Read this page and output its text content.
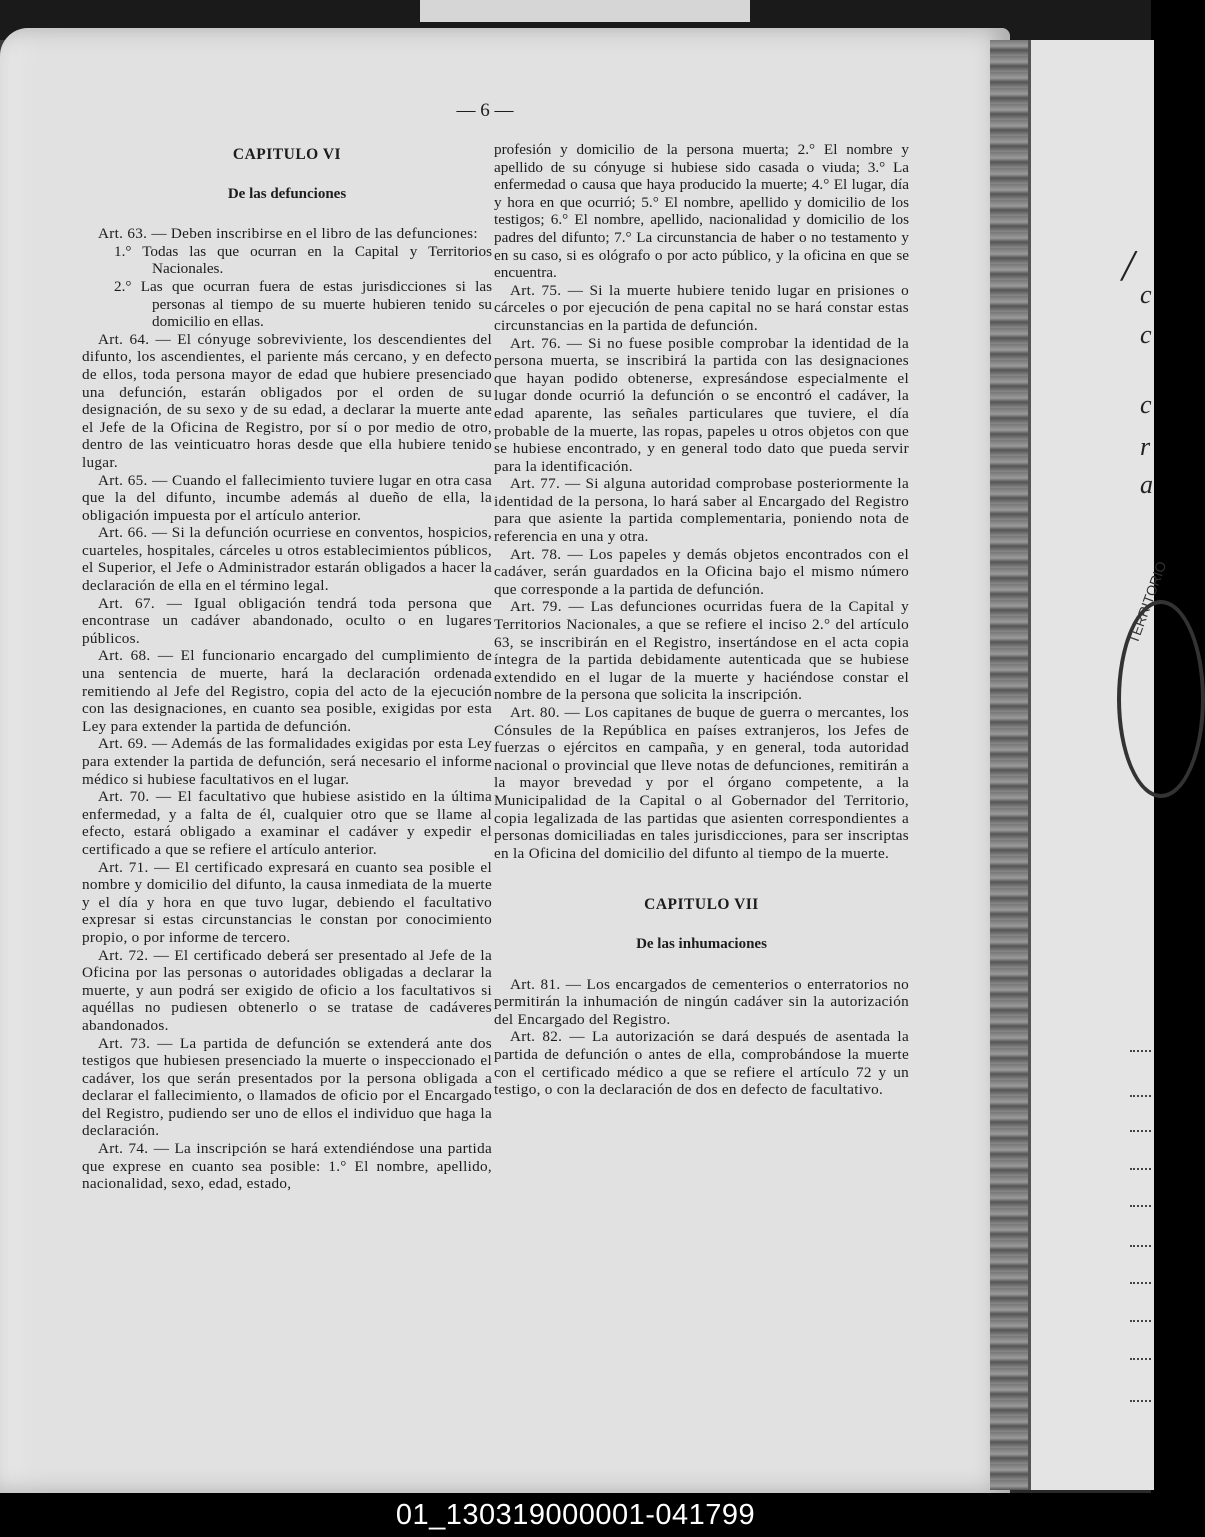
/
c
c
c
r
a
TERRITORIO
— 6 —

CAPITULO VI

De las defunciones

Art. 63. — Deben inscribirse en el libro de las defunciones:

1.° Todas las que ocurran en la Capital y Territorios Nacionales.

2.° Las que ocurran fuera de estas jurisdicciones si las personas al tiempo de su muerte hubieren tenido su domicilio en ellas.

Art. 64. — El cónyuge sobreviviente, los descendientes del difunto, los ascendientes, el pariente más cercano, y en defecto de ellos, toda persona mayor de edad que hubiere presenciado una defunción, estarán obligados por el orden de su designación, de su sexo y de su edad, a declarar la muerte ante el Jefe de la Oficina de Registro, por sí o por medio de otro, dentro de las veinticuatro horas desde que ella hubiere tenido lugar.

Art. 65. — Cuando el fallecimiento tuviere lugar en otra casa que la del difunto, incumbe además al dueño de ella, la obligación impuesta por el artículo anterior.

Art. 66. — Si la defunción ocurriese en conventos, hospicios, cuarteles, hospitales, cárceles u otros establecimientos públicos, el Superior, el Jefe o Administrador estarán obligados a hacer la declaración de ella en el término legal.

Art. 67. — Igual obligación tendrá toda persona que encontrase un cadáver abandonado, oculto o en lugares públicos.

Art. 68. — El funcionario encargado del cumplimiento de una sentencia de muerte, hará la declaración ordenada remitiendo al Jefe del Registro, copia del acto de la ejecución con las designaciones, en cuanto sea posible, exigidas por esta Ley para extender la partida de defunción.

Art. 69. — Además de las formalidades exigidas por esta Ley para extender la partida de defunción, será necesario el informe médico si hubiese facultativos en el lugar.

Art. 70. — El facultativo que hubiese asistido en la última enfermedad, y a falta de él, cualquier otro que se llame al efecto, estará obligado a examinar el cadáver y expedir el certificado a que se refiere el artículo anterior.

Art. 71. — El certificado expresará en cuanto sea posible el nombre y domicilio del difunto, la causa inmediata de la muerte y el día y hora en que tuvo lugar, debiendo el facultativo expresar si estas circunstancias le constan por conocimiento propio, o por informe de tercero.

Art. 72. — El certificado deberá ser presentado al Jefe de la Oficina por las personas o autoridades obligadas a declarar la muerte, y aun podrá ser exigido de oficio a los facultativos si aquéllas no pudiesen obtenerlo o se tratase de cadáveres abandonados.

Art. 73. — La partida de defunción se extenderá ante dos testigos que hubiesen presenciado la muerte o inspeccionado el cadáver, los que serán presentados por la persona obligada a declarar el fallecimiento, o llamados de oficio por el Encargado del Registro, pudiendo ser uno de ellos el individuo que haga la declaración.

Art. 74. — La inscripción se hará extendiéndose una partida que exprese en cuanto sea posible: 1.° El nombre, apellido, nacionalidad, sexo, edad, estado,

profesión y domicilio de la persona muerta; 2.° El nombre y apellido de su cónyuge si hubiese sido casada o viuda; 3.° La enfermedad o causa que haya producido la muerte; 4.° El lugar, día y hora en que ocurrió; 5.° El nombre, apellido y domicilio de los testigos; 6.° El nombre, apellido, nacionalidad y domicilio de los padres del difunto; 7.° La circunstancia de haber o no testamento y en su caso, si es ológrafo o por acto público, y la oficina en que se encuentra.

Art. 75. — Si la muerte hubiere tenido lugar en prisiones o cárceles o por ejecución de pena capital no se hará constar estas circunstancias en la partida de defunción.

Art. 76. — Si no fuese posible comprobar la identidad de la persona muerta, se inscribirá la partida con las designaciones que hayan podido obtenerse, expresándose especialmente el lugar donde ocurrió la defunción o se encontró el cadáver, la edad aparente, las señales particulares que tuviere, el día probable de la muerte, las ropas, papeles u otros objetos con que se hubiese encontrado, y en general todo dato que pueda servir para la identificación.

Art. 77. — Si alguna autoridad comprobase posteriormente la identidad de la persona, lo hará saber al Encargado del Registro para que asiente la partida complementaria, poniendo nota de referencia en una y otra.

Art. 78. — Los papeles y demás objetos encontrados con el cadáver, serán guardados en la Oficina bajo el mismo número que corresponde a la partida de defunción.

Art. 79. — Las defunciones ocurridas fuera de la Capital y Territorios Nacionales, a que se refiere el inciso 2.° del artículo 63, se inscribirán en el Registro, insertándose en el acta copia íntegra de la partida debidamente autenticada que se hubiese extendido en el lugar de la muerte y haciéndose constar el nombre de la persona que solicita la inscripción.

Art. 80. — Los capitanes de buque de guerra o mercantes, los Cónsules de la República en países extranjeros, los Jefes de fuerzas o ejércitos en campaña, y en general, toda autoridad nacional o provincial que lleve notas de defunciones, remitirán a la mayor brevedad y por el órgano competente, a la Municipalidad de la Capital o al Gobernador del Territorio, copia legalizada de las partidas que asienten correspondientes a personas domiciliadas en tales jurisdicciones, para ser inscriptas en la Oficina del domicilio del difunto al tiempo de la muerte.

CAPITULO VII

De las inhumaciones

Art. 81. — Los encargados de cementerios o enterratorios no permitirán la inhumación de ningún cadáver sin la autorización del Encargado del Registro.

Art. 82. — La autorización se dará después de asentada la partida de defunción o antes de ella, comprobándose la muerte con el certificado médico a que se refiere el artículo 72 y un testigo, o con la declaración de dos en defecto de facultativo.

01_130319000001-041799
